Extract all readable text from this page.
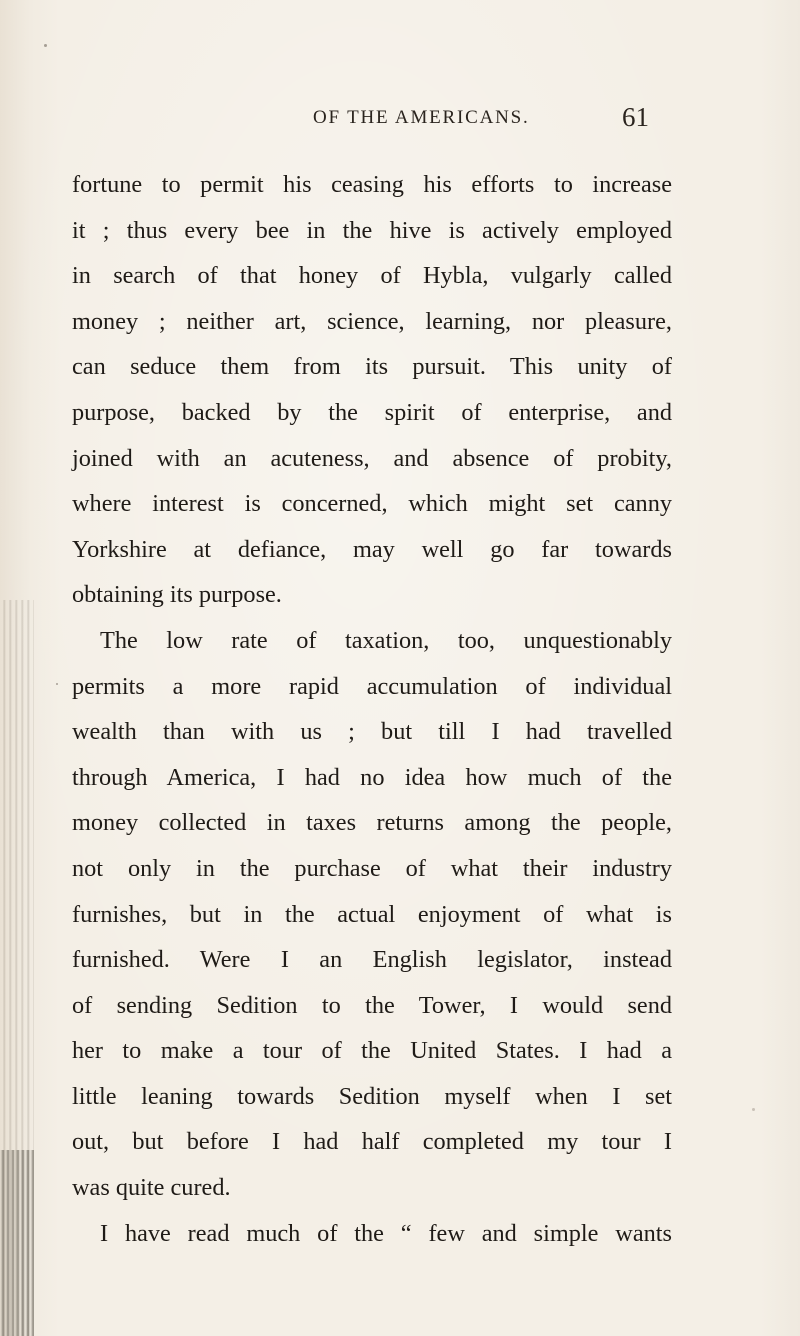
OF THE AMERICANS.	61
fortune to permit his ceasing his efforts to increase
it ; thus every bee in the hive is actively employed
in search of that honey of Hybla, vulgarly called
money ; neither art, science, learning, nor pleasure,
can seduce them from its pursuit. This unity of
purpose, backed by the spirit of enterprise, and
joined with an acuteness, and absence of probity,
where interest is concerned, which might set canny
Yorkshire at defiance, may well go far towards
obtaining its purpose.
The low rate of taxation, too, unquestionably
permits a more rapid accumulation of individual
wealth than with us ; but till I had travelled
through America, I had no idea how much of the
money collected in taxes returns among the people,
not only in the purchase of what their industry
furnishes, but in the actual enjoyment of what is
furnished. Were I an English legislator, instead
of sending Sedition to the Tower, I would send
her to make a tour of the United States. I had a
little leaning towards Sedition myself when I set
out, but before I had half completed my tour I
was quite cured.
I have read much of the “ few and simple wants
